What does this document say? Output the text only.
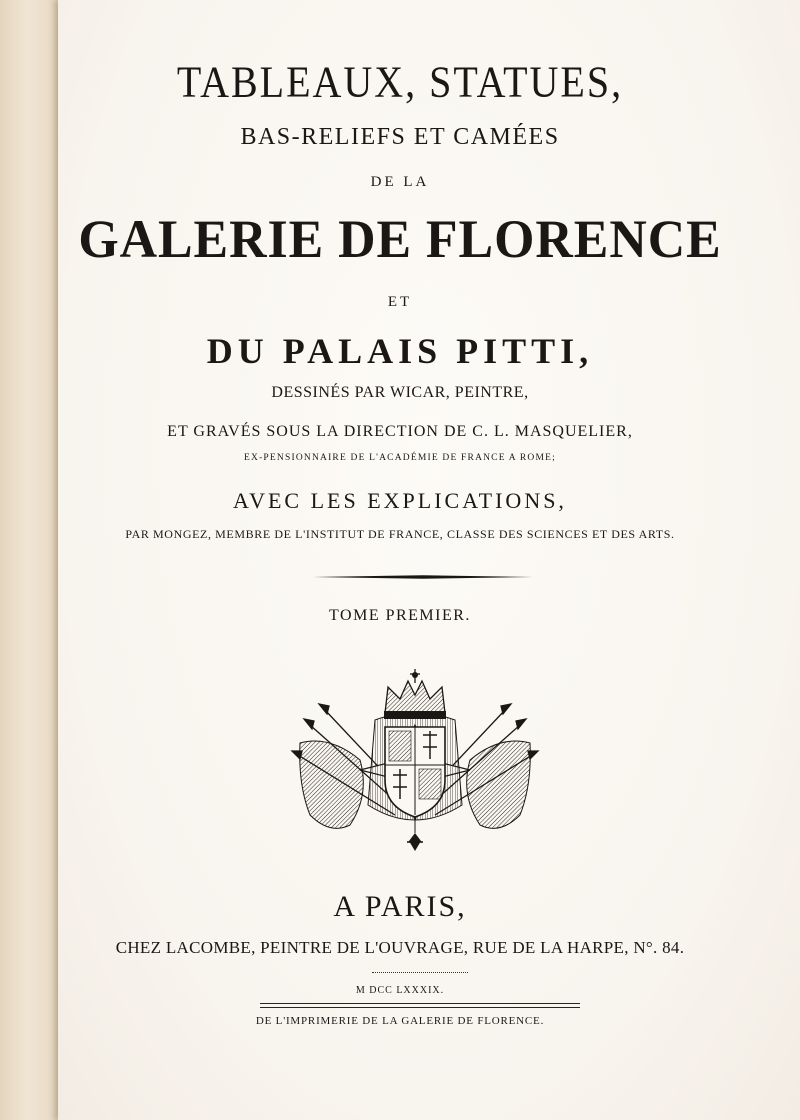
TABLEAUX, STATUES,
BAS-RELIEFS ET CAMÉES
DE LA
GALERIE DE FLORENCE
ET
DU PALAIS PITTI,
DESSINÉS PAR WICAR, PEINTRE,
ET GRAVÉS SOUS LA DIRECTION DE C. L. MASQUELIER,
EX-PENSIONNAIRE DE L'ACADÉMIE DE FRANCE A ROME;
AVEC LES EXPLICATIONS,
PAR MONGEZ, MEMBRE DE L'INSTITUT DE FRANCE, CLASSE DES SCIENCES ET DES ARTS.
TOME PREMIER.
A PARIS,
CHEZ LACOMBE, PEINTRE DE L'OUVRAGE, RUE DE LA HARPE, N°. 84.
M DCC LXXXIX.
DE L'IMPRIMERIE DE LA GALERIE DE FLORENCE.
